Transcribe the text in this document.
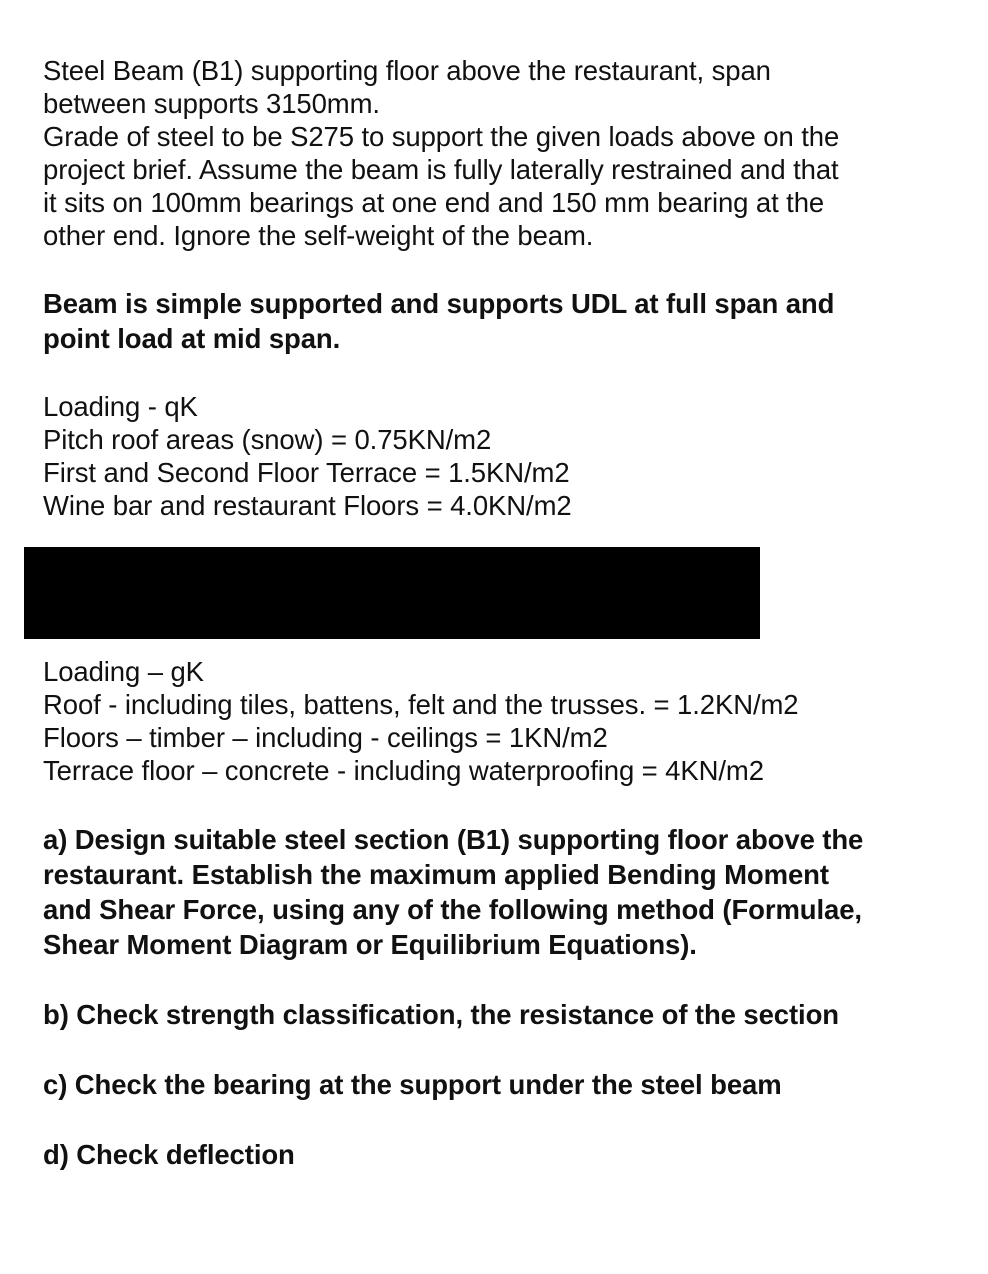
Steel Beam (B1) supporting floor above the restaurant, span
between supports 3150mm.
Grade of steel to be S275 to support the given loads above on the
project brief. Assume the beam is fully laterally restrained and that
it sits on 100mm bearings at one end and 150 mm bearing at the
other end. Ignore the self-weight of the beam.
Beam is simple supported and supports UDL at full span and
point load at mid span.
Loading - qK
Pitch roof areas (snow) = 0.75KN/m2
First and Second Floor Terrace = 1.5KN/m2
Wine bar and restaurant Floors = 4.0KN/m2
Loading – gK
Roof - including tiles, battens, felt and the trusses. = 1.2KN/m2
Floors – timber – including - ceilings = 1KN/m2
Terrace floor – concrete - including waterproofing = 4KN/m2
a) Design suitable steel section (B1) supporting floor above the
restaurant. Establish the maximum applied Bending Moment
and Shear Force, using any of the following method (Formulae,
Shear Moment Diagram or Equilibrium Equations).
b) Check strength classification, the resistance of the section
c) Check the bearing at the support under the steel beam
d) Check deflection
